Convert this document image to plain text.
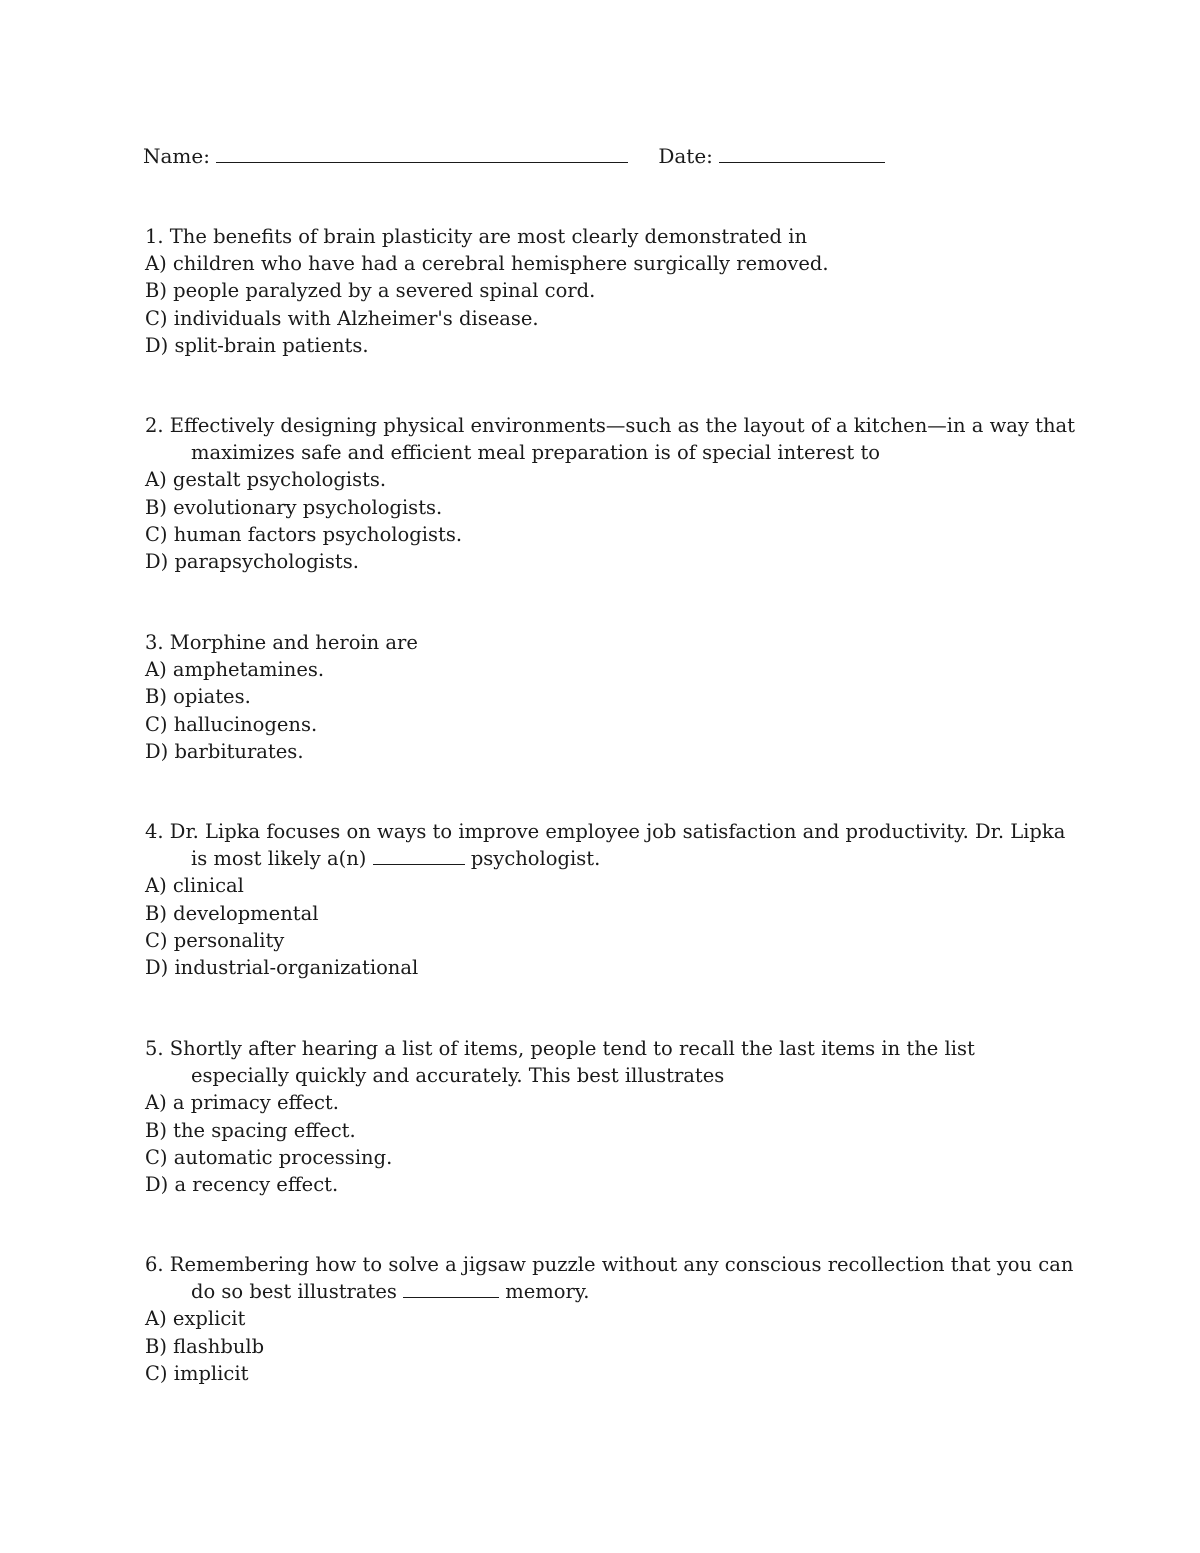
Name:	Date:

1. The benefits of brain plasticity are most clearly demonstrated in

A) children who have had a cerebral hemisphere surgically removed.

B) people paralyzed by a severed spinal cord.

C) individuals with Alzheimer's disease.

D) split-brain patients.

2. Effectively designing physical environments—such as the layout of a kitchen—in a way that maximizes safe and efficient meal preparation is of special interest to

A) gestalt psychologists.

B) evolutionary psychologists.

C) human factors psychologists.

D) parapsychologists.

3. Morphine and heroin are

A) amphetamines.

B) opiates.

C) hallucinogens.

D) barbiturates.

4. Dr. Lipka focuses on ways to improve employee job satisfaction and productivity. Dr. Lipka is most likely a(n)	psychologist.

A) clinical

B) developmental

C) personality

D) industrial-organizational

5. Shortly after hearing a list of items, people tend to recall the last items in the list especially quickly and accurately. This best illustrates

A) a primacy effect.

B) the spacing effect.

C) automatic processing.

D) a recency effect.

6. Remembering how to solve a jigsaw puzzle without any conscious recollection that you can do so best illustrates	memory.

A) explicit

B) flashbulb

C) implicit
